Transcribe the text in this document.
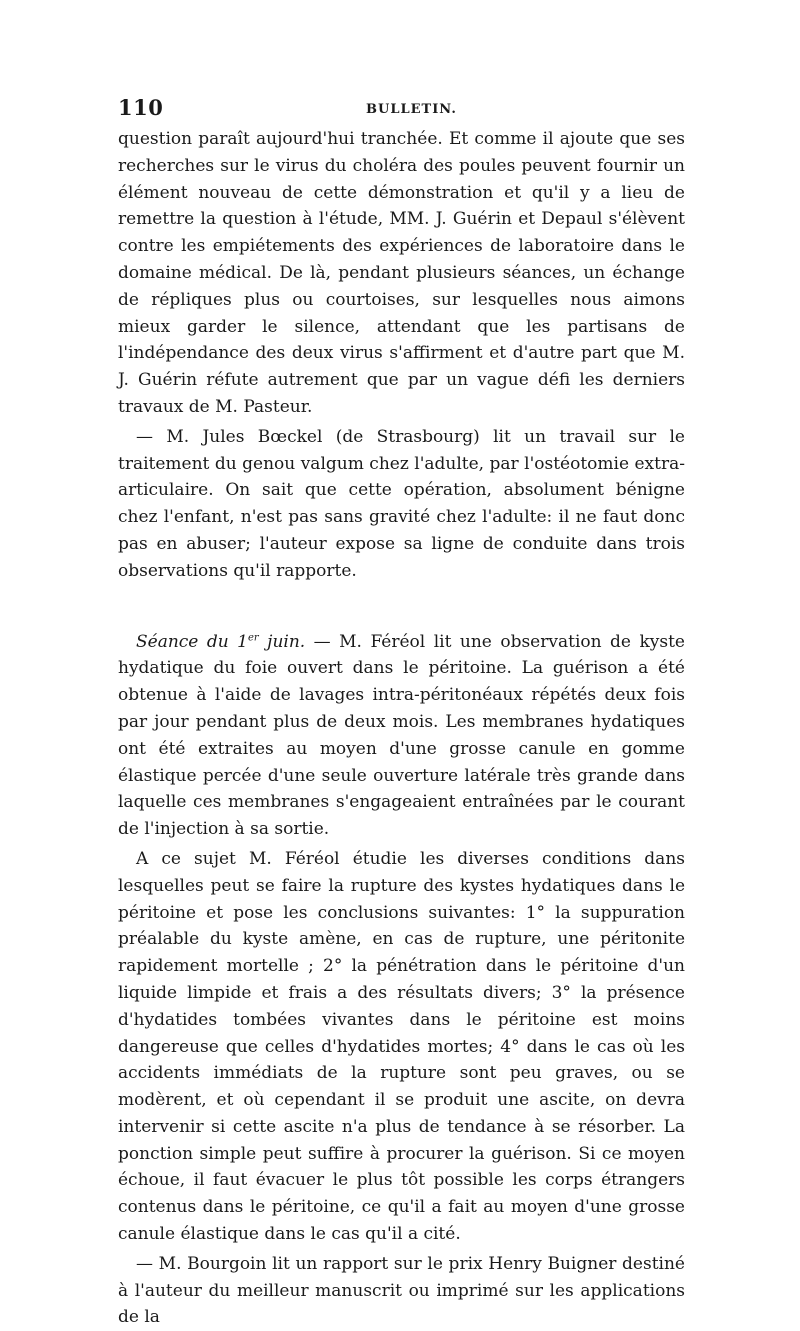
110	BULLETIN.

question paraît aujourd'hui tranchée. Et comme il ajoute que ses recherches sur le virus du choléra des poules peuvent fournir un élément nouveau de cette démonstration et qu'il y a lieu de remettre la question à l'étude, MM. J. Guérin et Depaul s'élèvent contre les empiétements des expériences de laboratoire dans le domaine médical. De là, pendant plusieurs séances, un échange de répliques plus ou courtoises, sur lesquelles nous aimons mieux garder le silence, attendant que les partisans de l'indépendance des deux virus s'affirment et d'autre part que M. J. Guérin réfute autrement que par un vague défi les derniers travaux de M. Pasteur.

— M. Jules Bœckel (de Strasbourg) lit un travail sur le traitement du genou valgum chez l'adulte, par l'ostéotomie extra-articulaire. On sait que cette opération, absolument bénigne chez l'enfant, n'est pas sans gravité chez l'adulte: il ne faut donc pas en abuser; l'auteur expose sa ligne de conduite dans trois observations qu'il rapporte.

Séance du 1er juin. — M. Féréol lit une observation de kyste hydatique du foie ouvert dans le péritoine. La guérison a été obtenue à l'aide de lavages intra-péritonéaux répétés deux fois par jour pendant plus de deux mois. Les membranes hydatiques ont été extraites au moyen d'une grosse canule en gomme élastique percée d'une seule ouverture latérale très grande dans laquelle ces membranes s'engageaient entraînées par le courant de l'injection à sa sortie.

A ce sujet M. Féréol étudie les diverses conditions dans lesquelles peut se faire la rupture des kystes hydatiques dans le péritoine et pose les conclusions suivantes: 1° la suppuration préalable du kyste amène, en cas de rupture, une péritonite rapidement mortelle ; 2° la pénétration dans le péritoine d'un liquide limpide et frais a des résultats divers; 3° la présence d'hydatides tombées vivantes dans le péritoine est moins dangereuse que celles d'hydatides mortes; 4° dans le cas où les accidents immédiats de la rupture sont peu graves, ou se modèrent, et où cependant il se produit une ascite, on devra intervenir si cette ascite n'a plus de tendance à se résorber. La ponction simple peut suffire à procurer la guérison. Si ce moyen échoue, il faut évacuer le plus tôt possible les corps étrangers contenus dans le péritoine, ce qu'il a fait au moyen d'une grosse canule élastique dans le cas qu'il a cité.

— M. Bourgoin lit un rapport sur le prix Henry Buigner destiné à l'auteur du meilleur manuscrit ou imprimé sur les applications de la
